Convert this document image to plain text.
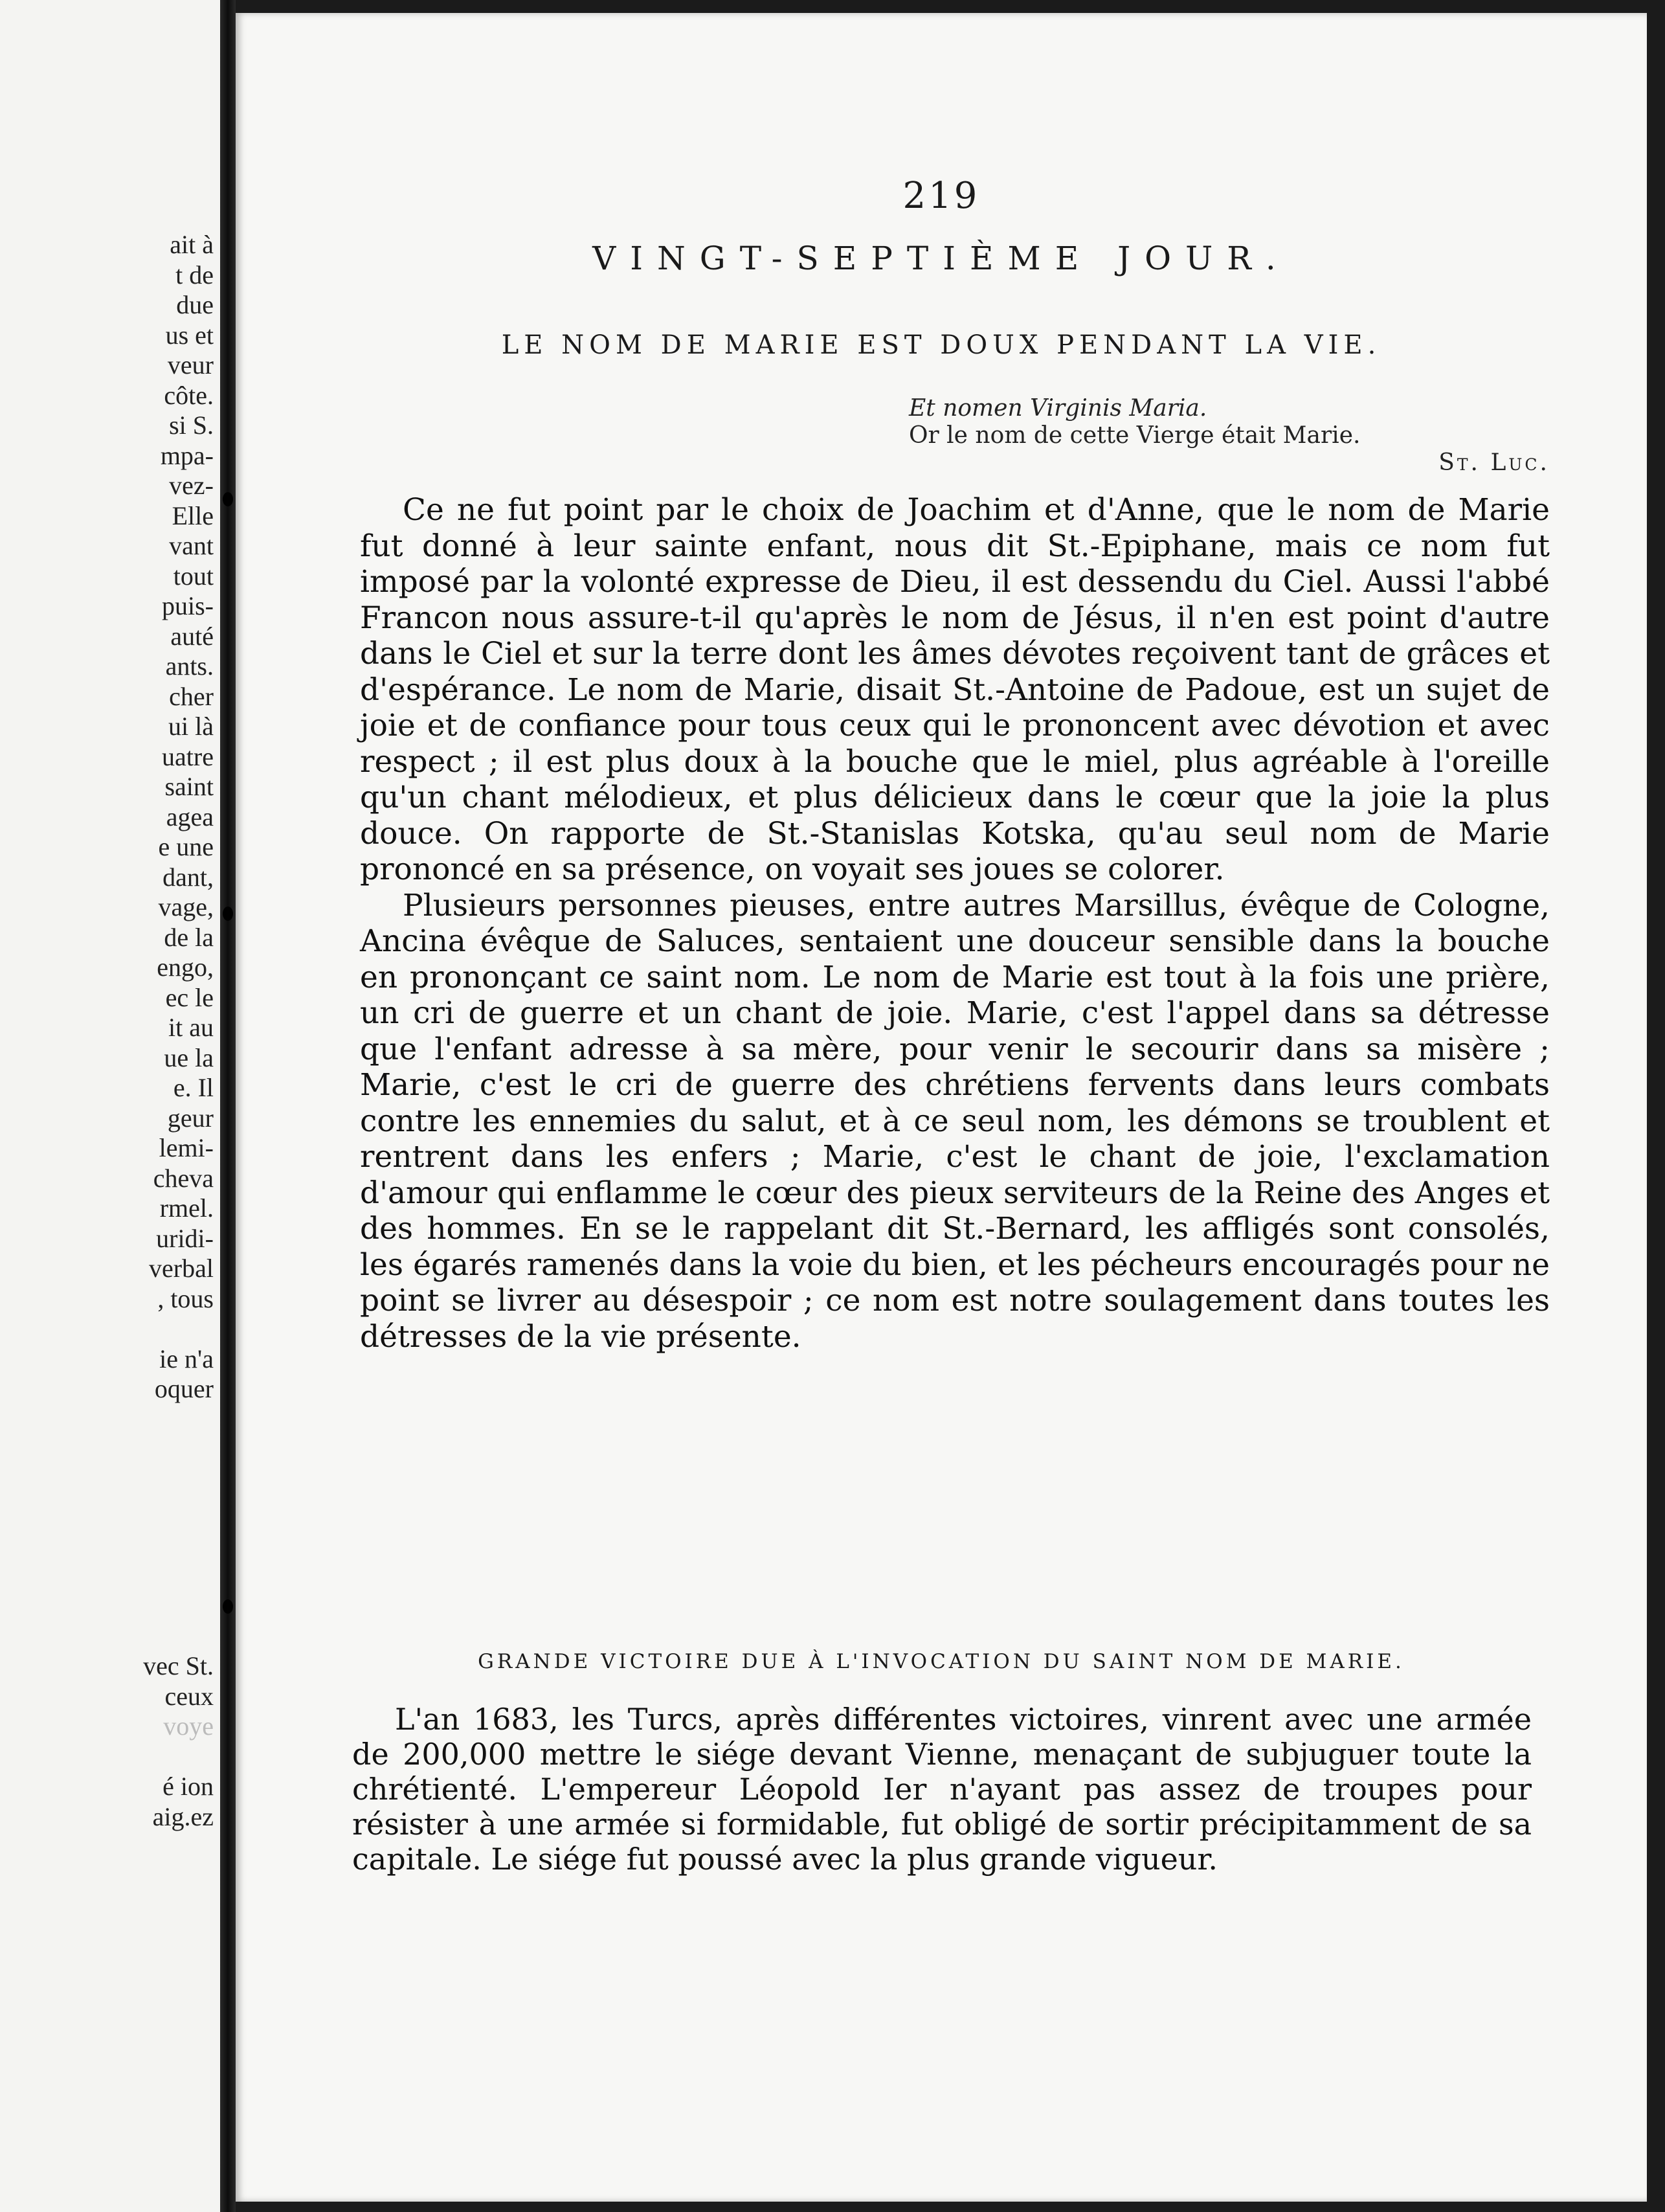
ait à
t de
due
us et
veur
côte.
si S.
mpa-
vez-
Elle
vant
tout
puis-
auté
ants.
cher
ui là
uatre
saint
agea
e une
dant,
vage,
de la
engo,
ec le
it au
ue la
e. Il
geur
lemi-
cheva
rmel.
uridi-
verbal
, tous
ie n'a
oquer
vec St.
ceux
voye
é ion
aig.ez
219
VINGT-SEPTIÈME JOUR.
LE NOM DE MARIE EST DOUX PENDANT LA VIE.
Et nomen Virginis Maria.
Or le nom de cette Vierge était Marie.
St. Luc.

Ce ne fut point par le choix de Joachim et d'Anne, que le nom de Marie fut donné à leur sainte enfant, nous dit St.-Epiphane, mais ce nom fut imposé par la volonté expresse de Dieu, il est dessendu du Ciel. Aussi l'abbé Francon nous assure-t-il qu'après le nom de Jésus, il n'en est point d'autre dans le Ciel et sur la terre dont les âmes dévotes reçoivent tant de grâces et d'espérance. Le nom de Marie, disait St.-Antoine de Padoue, est un sujet de joie et de confiance pour tous ceux qui le prononcent avec dévotion et avec respect ; il est plus doux à la bouche que le miel, plus agréable à l'oreille qu'un chant mélodieux, et plus délicieux dans le cœur que la joie la plus douce. On rapporte de St.-Stanislas Kotska, qu'au seul nom de Marie prononcé en sa présence, on voyait ses joues se colorer.

Plusieurs personnes pieuses, entre autres Marsillus, évêque de Cologne, Ancina évêque de Saluces, sentaient une douceur sensible dans la bouche en prononçant ce saint nom. Le nom de Marie est tout à la fois une prière, un cri de guerre et un chant de joie. Marie, c'est l'appel dans sa détresse que l'enfant adresse à sa mère, pour venir le secourir dans sa misère ; Marie, c'est le cri de guerre des chrétiens fervents dans leurs combats contre les ennemies du salut, et à ce seul nom, les démons se troublent et rentrent dans les enfers ; Marie, c'est le chant de joie, l'exclamation d'amour qui enflamme le cœur des pieux serviteurs de la Reine des Anges et des hommes. En se le rappelant dit St.-Bernard, les affligés sont consolés, les égarés ramenés dans la voie du bien, et les pécheurs encouragés pour ne point se livrer au désespoir ; ce nom est notre soulagement dans toutes les détresses de la vie présente.

GRANDE VICTOIRE DUE À L'INVOCATION DU SAINT NOM DE MARIE.

L'an 1683, les Turcs, après différentes victoires, vinrent avec une armée de 200,000 mettre le siége devant Vienne, menaçant de subjuguer toute la chrétienté. L'empereur Léopold Ier n'ayant pas assez de troupes pour résister à une armée si formidable, fut obligé de sortir précipitamment de sa capitale. Le siége fut poussé avec la plus grande vigueur.
